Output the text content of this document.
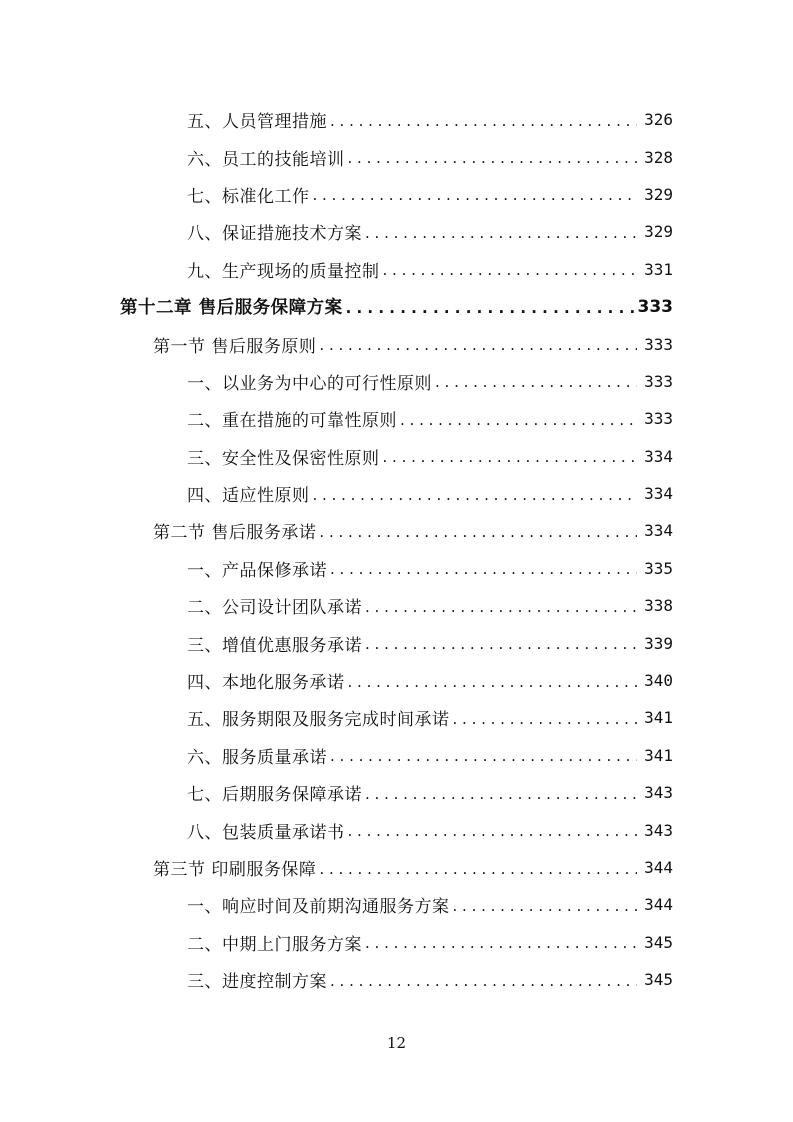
五、人员管理措施 . . .	326
六、员工的技能培训 . . .	328
七、标准化工作 . . .	329
八、保证措施技术方案 . . .	329
九、生产现场的质量控制 . . .	331
第十二章 售后服务保障方案 . . .	333
第一节 售后服务原则 . . .	333
一、以业务为中心的可行性原则 . . .	333
二、重在措施的可靠性原则 . . .	333
三、安全性及保密性原则 . . .	334
四、适应性原则 . . .	334
第二节 售后服务承诺 . . .	334
一、产品保修承诺 . . .	335
二、公司设计团队承诺 . . .	338
三、增值优惠服务承诺 . . .	339
四、本地化服务承诺 . . .	340
五、服务期限及服务完成时间承诺 . . .	341
六、服务质量承诺 . . .	341
七、后期服务保障承诺 . . .	343
八、包装质量承诺书 . . .	343
第三节 印刷服务保障 . . .	344
一、响应时间及前期沟通服务方案 . . .	344
二、中期上门服务方案 . . .	345
三、进度控制方案 . . .	345
12
